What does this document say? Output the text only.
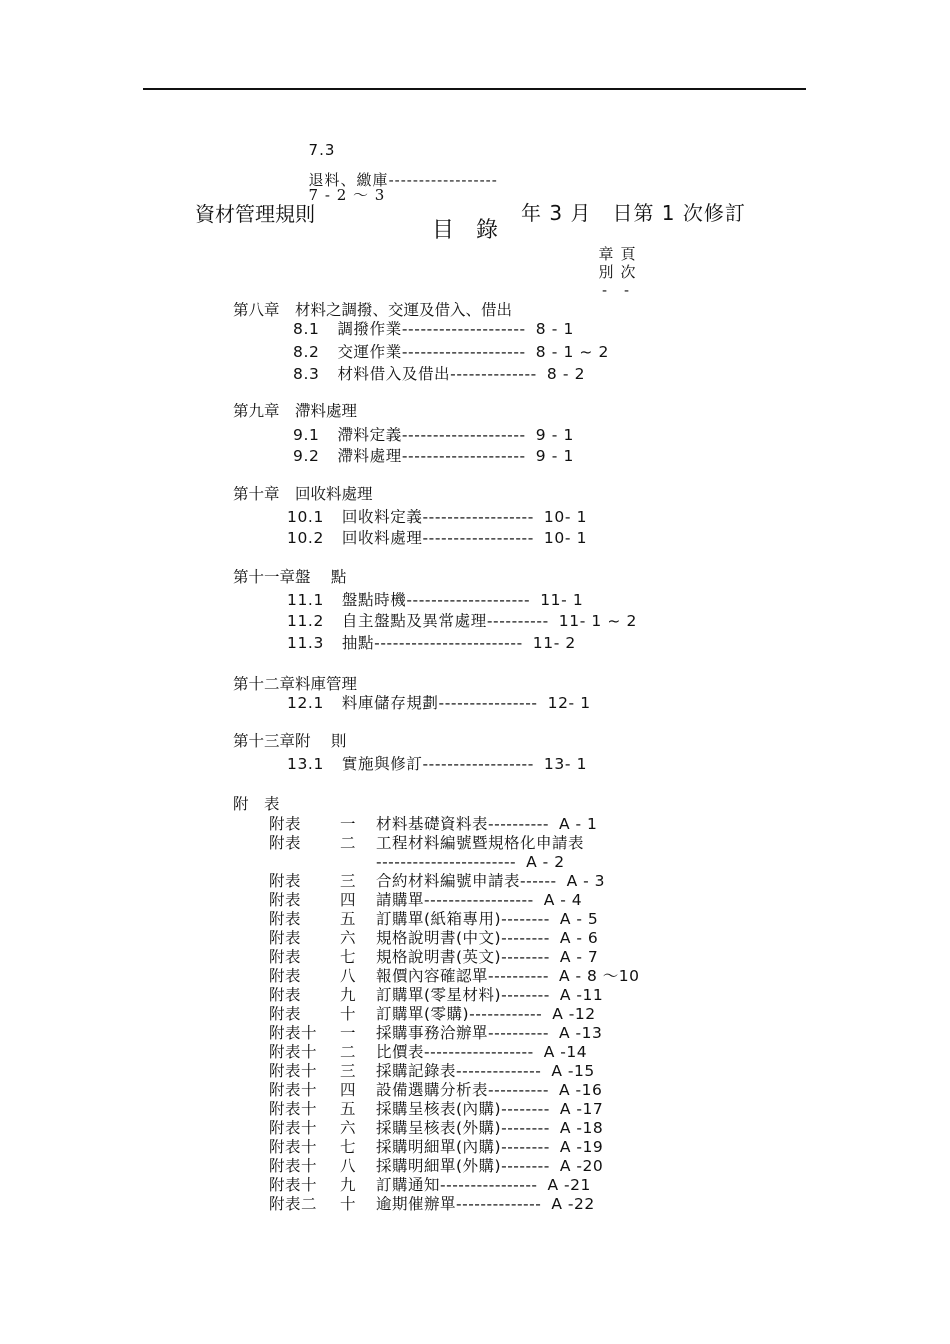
7.3

退料、繳庫------------------
7 - 2 ～ 3

資材管理規則
目　錄
年 3 月　日第 1 次修訂
章別
頁次
- -
第八章　材料之調撥、交運及借入、借出
8.1 調撥作業-------------------- 8 - 1
8.2 交運作業-------------------- 8 - 1 ~ 2
8.3 材料借入及借出-------------- 8 - 2
第九章　滯料處理
9.1 滯料定義-------------------- 9 - 1
9.2 滯料處理-------------------- 9 - 1
第十章　回收料處理
10.1 回收料定義------------------ 10- 1
10.2 回收料處理------------------ 10- 1
第十一章盤　 點
11.1 盤點時機-------------------- 11- 1
11.2 自主盤點及異常處理---------- 11- 1 ~ 2
11.3 抽點------------------------ 11- 2
第十二章料庫管理
12.1 料庫儲存規劃---------------- 12- 1
第十三章附　 則
13.1 實施與修訂------------------ 13- 1
附　表
附表	一 材料基礎資料表---------- A - 1
附表	二 工程材料編號暨規格化申請表
----------------------- A - 2
附表	三 合約材料編號申請表------ A - 3
附表	四 請購單------------------ A - 4
附表	五 訂購單(紙箱專用)-------- A - 5
附表	六 規格說明書(中文)-------- A - 6
附表	七 規格說明書(英文)-------- A - 7
附表	八 報價內容確認單---------- A - 8 ～10
附表	九 訂購單(零星材料)-------- A -11
附表	十 訂購單(零購)------------ A -12
附表十 一 採購事務洽辦單---------- A -13
附表十 二 比價表------------------ A -14
附表十 三 採購記錄表-------------- A -15
附表十 四 設備選購分析表---------- A -16
附表十 五 採購呈核表(內購)-------- A -17
附表十 六 採購呈核表(外購)-------- A -18
附表十 七 採購明細單(內購)-------- A -19
附表十 八 採購明細單(外購)-------- A -20
附表十 九 訂購通知---------------- A -21
附表二 十 逾期催辦單-------------- A -22
